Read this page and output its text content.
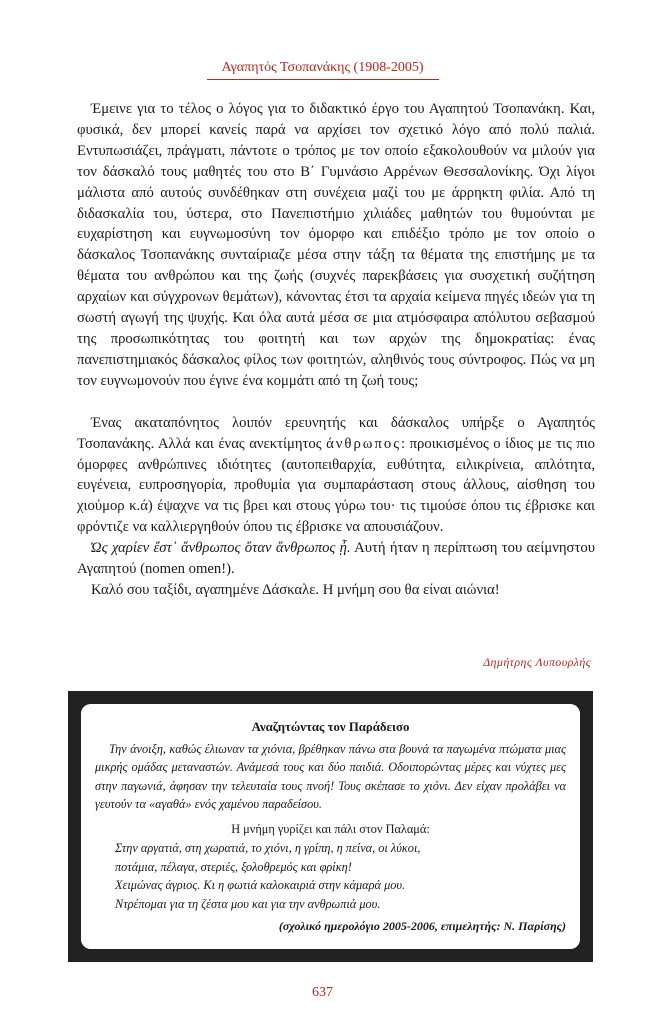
Αγαπητός Τσοπανάκης (1908-2005)

Έμεινε για το τέλος ο λόγος για το διδακτικό έργο του Αγαπητού Τσοπανάκη. Και, φυσικά, δεν μπορεί κανείς παρά να αρχίσει τον σχετικό λόγο από πολύ παλιά. Εντυπωσιάζει, πράγματι, πάντοτε ο τρόπος με τον οποίο εξακολουθούν να μιλούν για τον δάσκαλό τους μαθητές του στο Β΄ Γυμνάσιο Αρρένων Θεσσαλονίκης. Όχι λίγοι μάλιστα από αυτούς συνδέθηκαν στη συνέχεια μαζί του με άρρηκτη φιλία. Από τη διδασκαλία του, ύστερα, στο Πανεπιστήμιο χιλιάδες μαθητών του θυμούνται με ευχαρίστηση και ευγνωμοσύνη τον όμορφο και επιδέξιο τρόπο με τον οποίο ο δάσκαλος Τσοπανάκης συνταίριαζε μέσα στην τάξη τα θέματα της επιστήμης με τα θέματα του ανθρώπου και της ζωής (συχνές παρεκβάσεις για συσχετική συζήτηση αρχαίων και σύγχρονων θεμάτων), κάνοντας έτσι τα αρχαία κείμενα πηγές ιδεών για τη σωστή αγωγή της ψυχής. Και όλα αυτά μέσα σε μια ατμόσφαιρα απόλυτου σεβασμού της προσωπικότητας του φοιτητή και των αρχών της δημοκρατίας: ένας πανεπιστημιακός δάσκαλος φίλος των φοιτητών, αληθινός τους σύντροφος. Πώς να μη τον ευγνωμονούν που έγινε ένα κομμάτι από τη ζωή τους;

Ένας ακαταπόνητος λοιπόν ερευνητής και δάσκαλος υπήρξε ο Αγαπητός Τσοπανάκης. Αλλά και ένας ανεκτίμητος άνθρωπος: προικισμένος ο ίδιος με τις πιο όμορφες ανθρώπινες ιδιότητες (αυτοπειθαρχία, ευθύτητα, ειλικρίνεια, απλότητα, ευγένεια, ευπροσηγορία, προθυμία για συμπαράσταση στους άλλους, αίσθηση του χιούμορ κ.ά) έψαχνε να τις βρει και στους γύρω του· τις τιμούσε όπου τις έβρισκε και φρόντιζε να καλλιεργηθούν όπου τις έβρισκε να απουσιάζουν.

Ώς χαρίεν ἔστ᾽ ἄνθρωπος ὅταν ἄνθρωπος ᾖ. Αυτή ήταν η περίπτωση του αείμνηστου Αγαπητού (nomen omen!).

Καλό σου ταξίδι, αγαπημένε Δάσκαλε. Η μνήμη σου θα είναι αιώνια!

Δημήτρης Λυπουρλής
Αναζητώντας τον Παράδεισο

Την άνοιξη, καθώς έλιωναν τα χιόνια, βρέθηκαν πάνω στα βουνά τα παγωμένα πτώματα μιας μικρής ομάδας μεταναστών. Ανάμεσά τους και δύο παιδιά. Οδοιπορώντας μέρες και νύχτες μες στην παγωνιά, άφησαν την τελευταία τους πνοή! Τους σκέπασε το χιόνι. Δεν είχαν προλάβει να γευτούν τα «αγαθά» ενός χαμένου παραδείσου.

Η μνήμη γυρίζει και πάλι στον Παλαμά:
Στην αργατιά, στη χωρατιά, το χιόνι, η γρίπη, η πείνα, οι λύκοι,
ποτάμια, πέλαγα, στεριές, ξολοθρεμός και φρίκη!
Χειμώνας άγριος. Κι η φωτιά καλοκαιριά στην κάμαρά μου.
Ντρέπομαι για τη ζέστα μου και για την ανθρωπιά μου.
(σχολικό ημερολόγιο 2005-2006, επιμελητής: Ν. Παρίσης)
637
